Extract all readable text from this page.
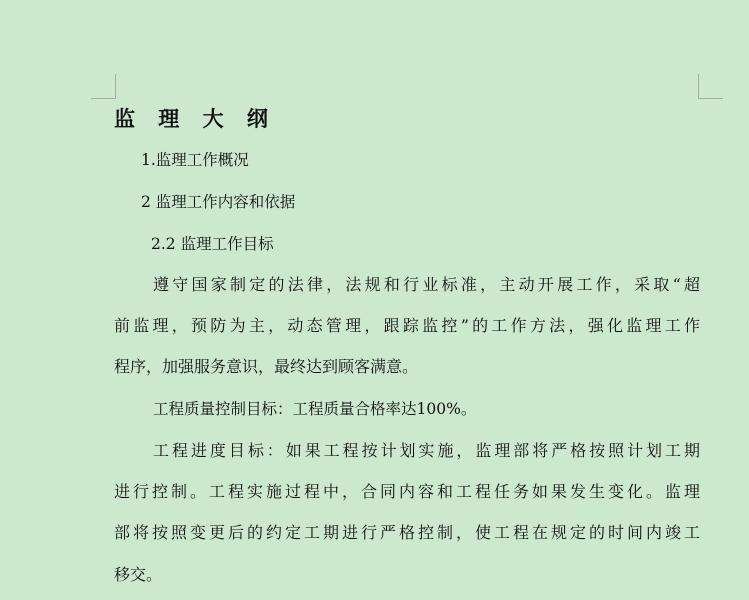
监 理 大 纲
1.监理工作概况
2 监理工作内容和依据
2.2 监理工作目标
遵守国家制定的法律，法规和行业标准，主动开展工作，采取“超
前监理，预防为主，动态管理，跟踪监控”的工作方法，强化监理工作
程序，加强服务意识，最终达到顾客满意。
工程质量控制目标：工程质量合格率达100%。
工程进度目标：如果工程按计划实施，监理部将严格按照计划工期
进行控制。工程实施过程中，合同内容和工程任务如果发生变化。监理
部将按照变更后的约定工期进行严格控制，使工程在规定的时间内竣工
移交。
